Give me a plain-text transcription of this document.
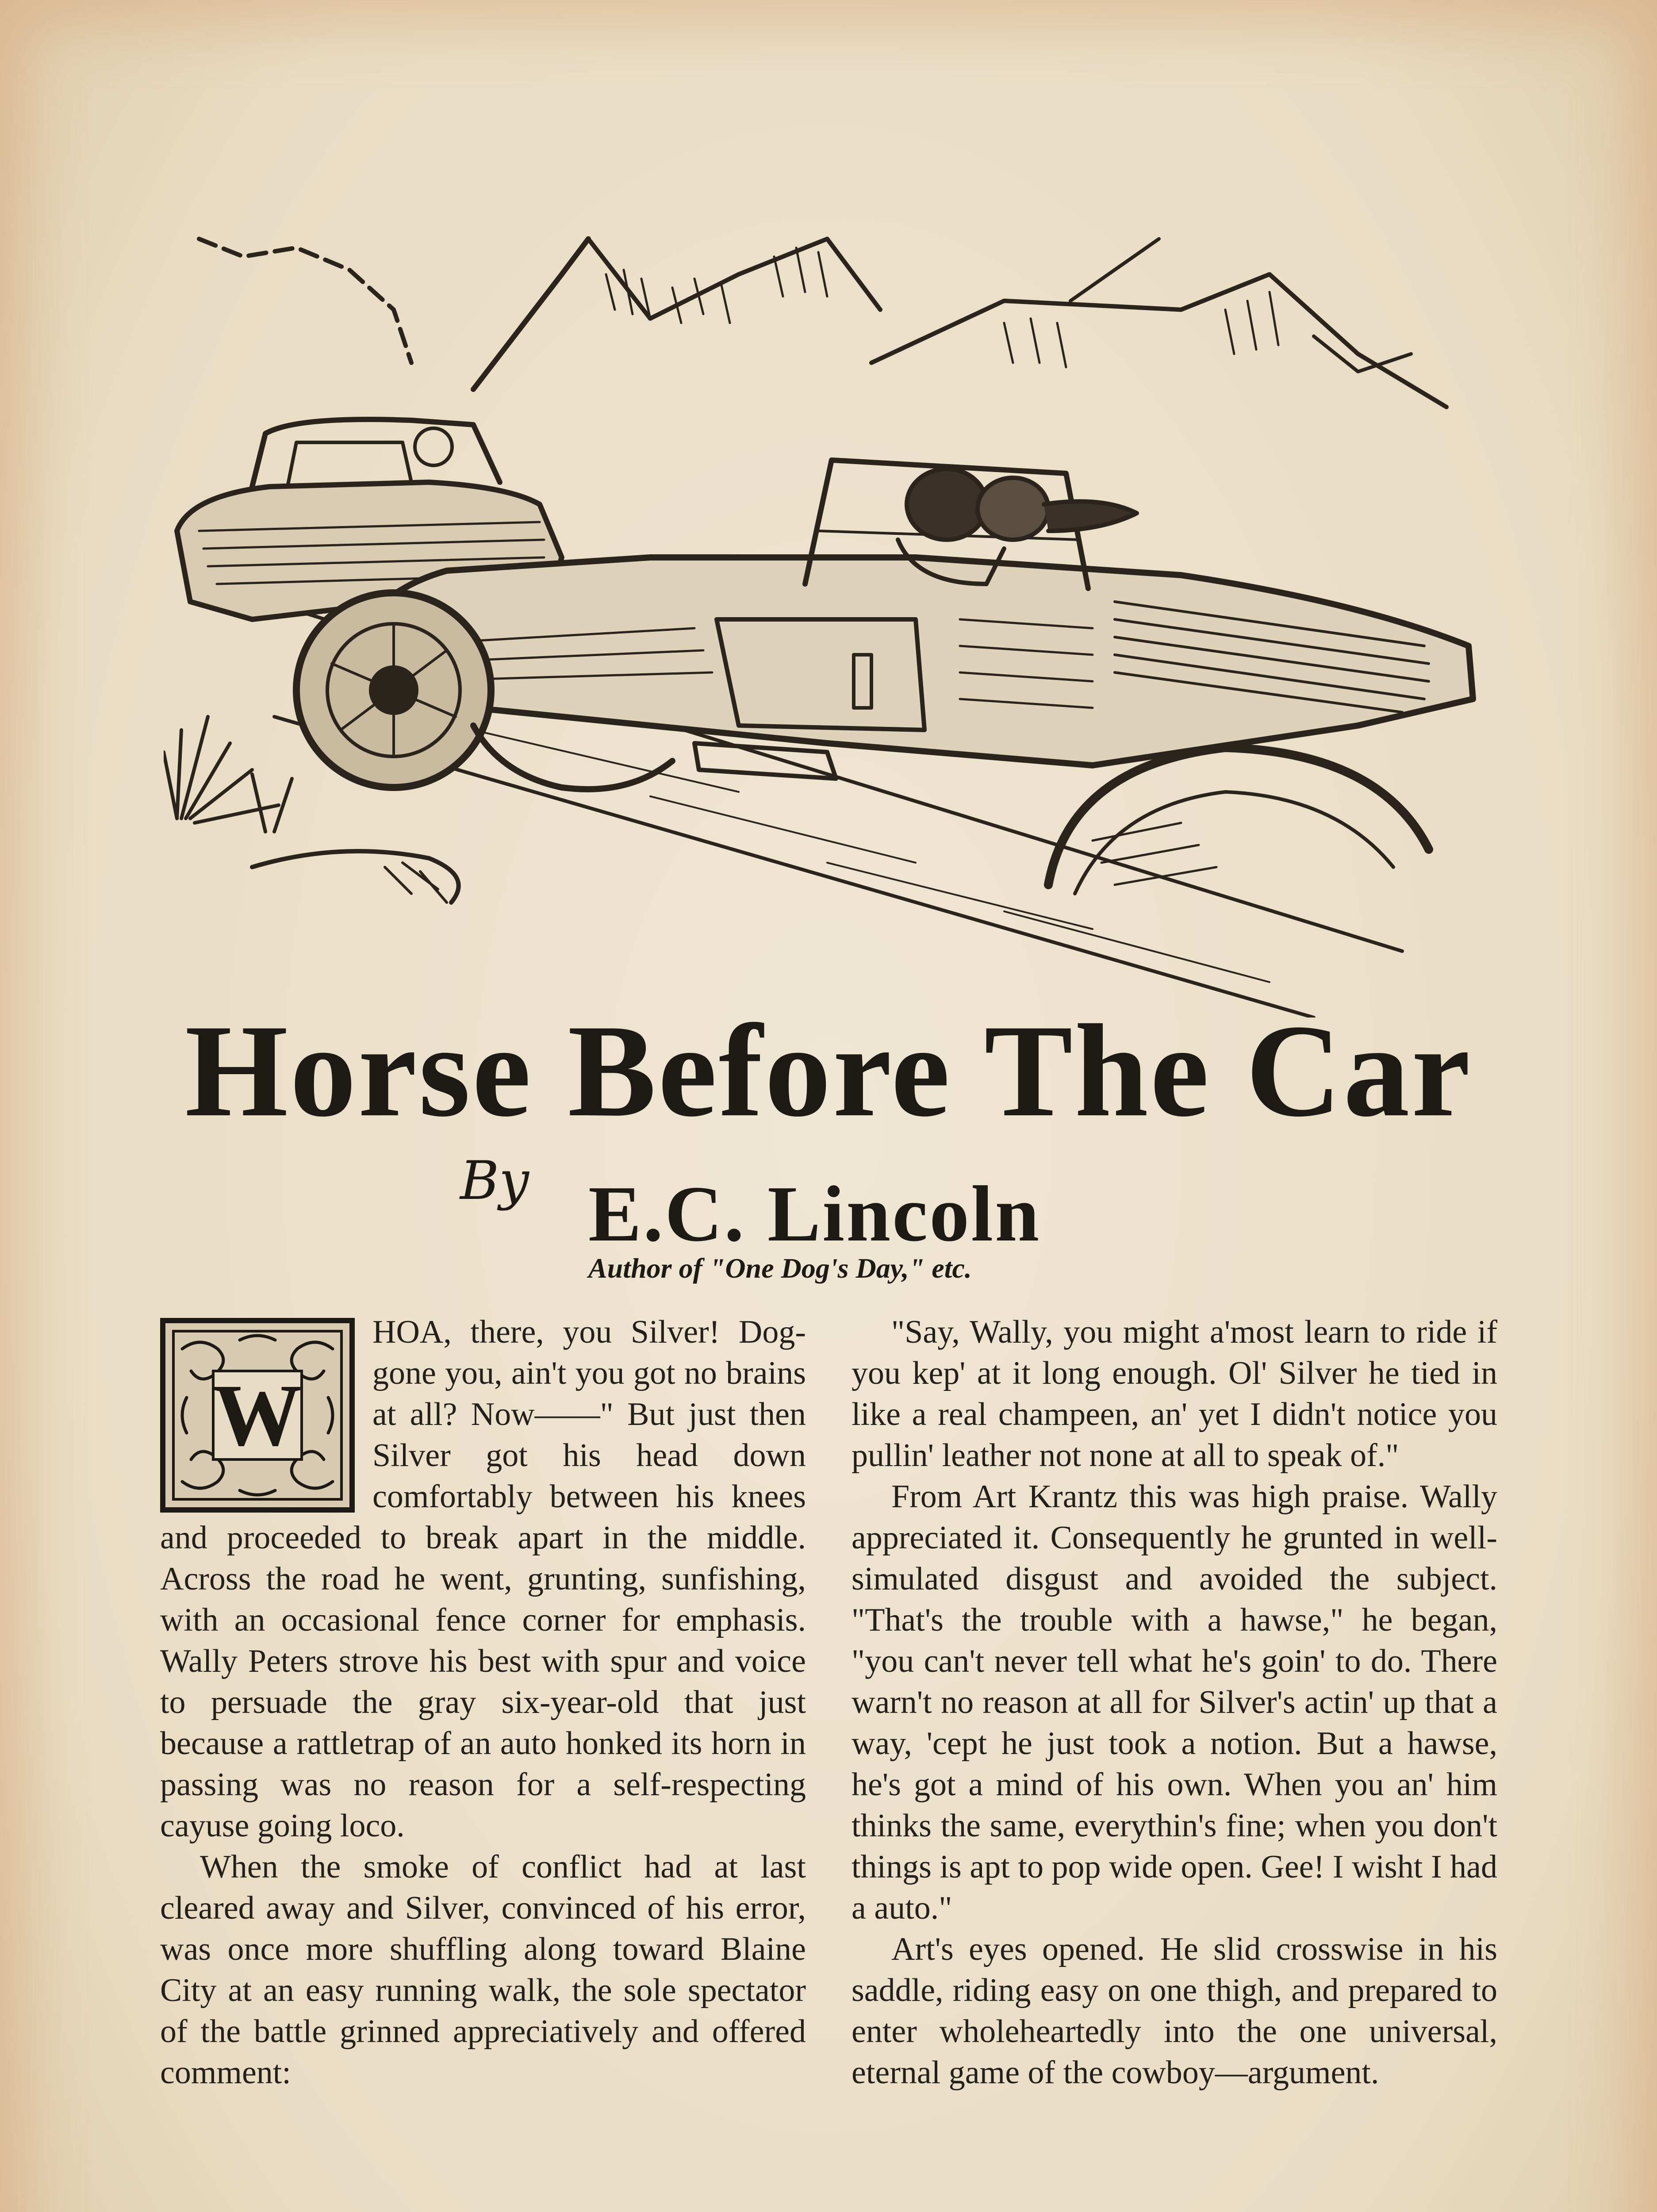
Horse Before The Car
By E.C. Lincoln
Author of "One Dog's Day," etc.
W

HOA, there, you Silver! Dog-gone you, ain't you got no brains at all? Now——" But just then Silver got his head down comfortably between his knees and proceeded to break apart in the middle. Across the road he went, grunting, sunfishing, with an occasional fence corner for emphasis. Wally Peters strove his best with spur and voice to persuade the gray six-year-old that just because a rattletrap of an auto honked its horn in passing was no reason for a self-respecting cayuse going loco.

When the smoke of conflict had at last cleared away and Silver, convinced of his error, was once more shuffling along toward Blaine City at an easy running walk, the sole spectator of the battle grinned appreciatively and offered comment:

"Say, Wally, you might a'most learn to ride if you kep' at it long enough. Ol' Silver he tied in like a real champeen, an' yet I didn't notice you pullin' leather not none at all to speak of."

From Art Krantz this was high praise. Wally appreciated it. Consequently he grunted in well-simulated disgust and avoided the subject. "That's the trouble with a hawse," he began, "you can't never tell what he's goin' to do. There warn't no reason at all for Silver's actin' up that a way, 'cept he just took a notion. But a hawse, he's got a mind of his own. When you an' him thinks the same, everythin's fine; when you don't things is apt to pop wide open. Gee! I wisht I had a auto."

Art's eyes opened. He slid crosswise in his saddle, riding easy on one thigh, and prepared to enter wholeheartedly into the one universal, eternal game of the cowboy—argument.
